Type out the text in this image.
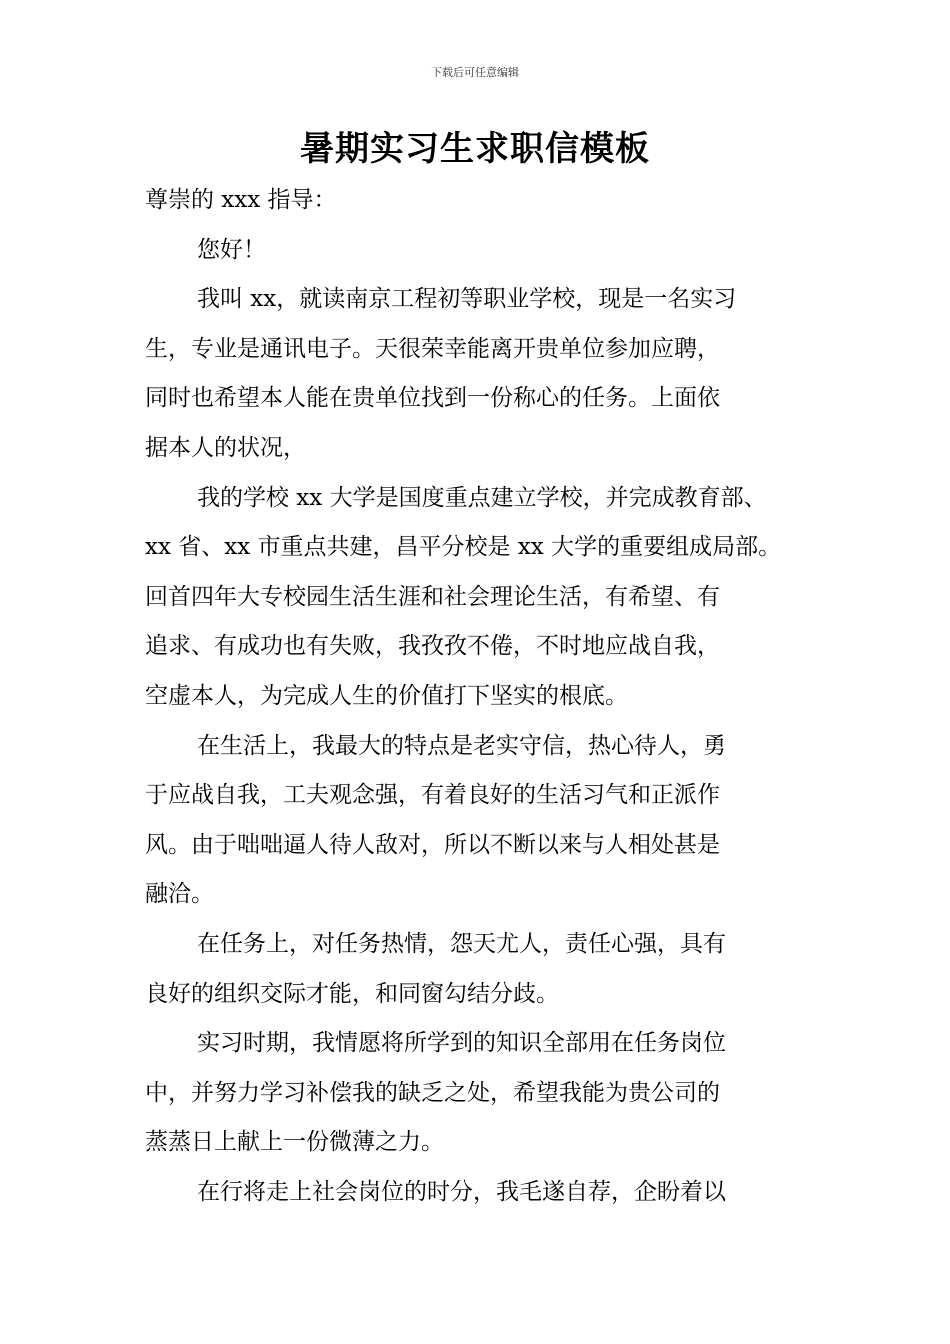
下载后可任意编辑
暑期实习生求职信模板

尊崇的 xxx 指导：

您好！

我叫 xx，就读南京工程初等职业学校，现是一名实习
生，专业是通讯电子。天很荣幸能离开贵单位参加应聘，
同时也希望本人能在贵单位找到一份称心的任务。上面依
据本人的状况，

我的学校 xx 大学是国度重点建立学校，并完成教育部、
xx 省、xx 市重点共建，昌平分校是 xx 大学的重要组成局部。
回首四年大专校园生活生涯和社会理论生活，有希望、有
追求、有成功也有失败，我孜孜不倦，不时地应战自我，
空虚本人，为完成人生的价值打下坚实的根底。

在生活上，我最大的特点是老实守信，热心待人，勇
于应战自我，工夫观念强，有着良好的生活习气和正派作
风。由于咄咄逼人待人敌对，所以不断以来与人相处甚是
融洽。

在任务上，对任务热情，怨天尤人，责任心强，具有
良好的组织交际才能，和同窗勾结分歧。

实习时期，我情愿将所学到的知识全部用在任务岗位
中，并努力学习补偿我的缺乏之处，希望我能为贵公司的
蒸蒸日上献上一份微薄之力。

在行将走上社会岗位的时分，我毛遂自荐，企盼着以
